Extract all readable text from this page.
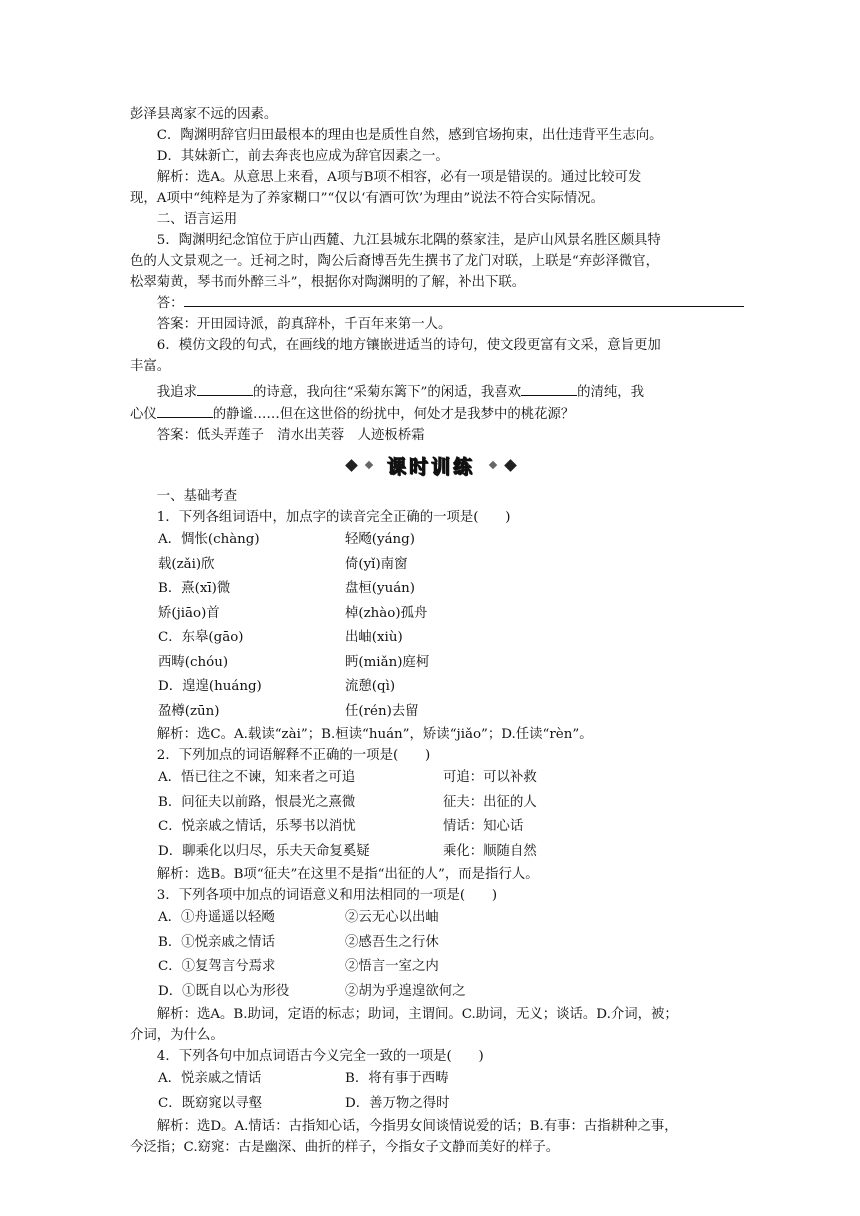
彭泽县离家不远的因素。
C．陶渊明辞官归田最根本的理由也是质性自然，感到官场拘束，出仕违背平生志向。
D．其妹新亡，前去奔丧也应成为辞官因素之一。
解析：选A。从意思上来看，A项与B项不相容，必有一项是错误的。通过比较可发
现，A项中“纯粹是为了养家糊口”“仅以‘有酒可饮’为理由”说法不符合实际情况。
二、语言运用
5．陶渊明纪念馆位于庐山西麓、九江县城东北隅的蔡家洼，是庐山风景名胜区颇具特
色的人文景观之一。迁祠之时，陶公后裔博吾先生撰书了龙门对联，上联是“弃彭泽微官，
松翠菊黄，琴书而外醉三斗”，根据你对陶渊明的了解，补出下联。
答：
答案：开田园诗派，韵真辞朴，千百年来第一人。
6．模仿文段的句式，在画线的地方镶嵌进适当的诗句，使文段更富有文采，意旨更加
丰富。
我追求	的诗意，我向往“采菊东篱下”的闲适，我喜欢	的清纯，我
心仪	的静谧……但在这世俗的纷扰中，何处才是我梦中的桃花源？
答案：低头弄莲子　清水出芙蓉　人迹板桥霜
课时训练
一、基础考查
1．下列各组词语中，加点字的读音完全正确的一项是(　　)
A．惆怅(chàng)	轻飏(yáng)
载(zǎi)欣	倚(yǐ)南窗
B．熹(xī)微	盘桓(yuán)
矫(jiāo)首	棹(zhào)孤舟
C．东皋(gāo)	出岫(xiù)
西畴(chóu)	眄(miǎn)庭柯
D．遑遑(huáng)	流憩(qì)
盈樽(zūn)	任(rén)去留
解析：选C。A.载读“zài”；B.桓读“huán”，矫读“jiǎo”；D.任读“rèn”。
2．下列加点的词语解释不正确的一项是(　　)
A．悟已往之不谏，知来者之可追	可追：可以补救
B．问征夫以前路，恨晨光之熹微	征夫：出征的人
C．悦亲戚之情话，乐琴书以消忧	情话：知心话
D．聊乘化以归尽，乐夫天命复奚疑	乘化：顺随自然
解析：选B。B项“征夫”在这里不是指“出征的人”，而是指行人。
3．下列各项中加点的词语意义和用法相同的一项是(　　)
A．①舟遥遥以轻飏	②云无心以出岫
B．①悦亲戚之情话	②感吾生之行休
C．①复驾言兮焉求	②悟言一室之内
D．①既自以心为形役	②胡为乎遑遑欲何之
解析：选A。B.助词，定语的标志；助词，主谓间。C.助词，无义；谈话。D.介词，被；
介词，为什么。
4．下列各句中加点词语古今义完全一致的一项是(　　)
A．悦亲戚之情话	B．将有事于西畴
C．既窈窕以寻壑	D．善万物之得时
解析：选D。A.情话：古指知心话，今指男女间谈情说爱的话；B.有事：古指耕种之事，
今泛指；C.窈窕：古是幽深、曲折的样子，今指女子文静而美好的样子。
